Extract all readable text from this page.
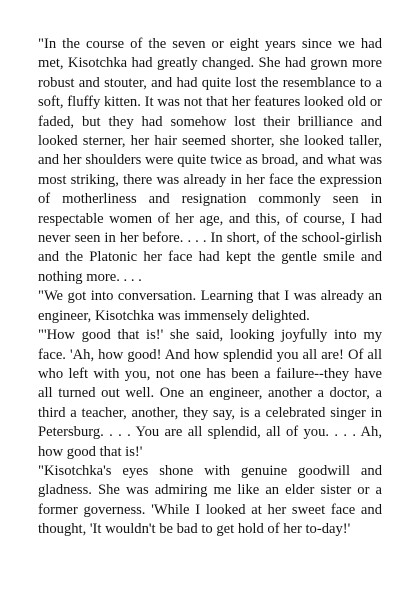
"In the course of the seven or eight years since we had met, Kisotchka had greatly changed. She had grown more robust and stouter, and had quite lost the resemblance to a soft, fluffy kitten. It was not that her features looked old or faded, but they had somehow lost their brilliance and looked sterner, her hair seemed shorter, she looked taller, and her shoulders were quite twice as broad, and what was most striking, there was already in her face the expression of motherliness and resignation commonly seen in respectable women of her age, and this, of course, I had never seen in her before. . . . In short, of the school-girlish and the Platonic her face had kept the gentle smile and nothing more. . . .

"We got into conversation. Learning that I was already an engineer, Kisotchka was immensely delighted.

"'How good that is!' she said, looking joyfully into my face. 'Ah, how good! And how splendid you all are! Of all who left with you, not one has been a failure--they have all turned out well. One an engineer, another a doctor, a third a teacher, another, they say, is a celebrated singer in Petersburg. . . . You are all splendid, all of you. . . . Ah, how good that is!'

"Kisotchka's eyes shone with genuine goodwill and gladness. She was admiring me like an elder sister or a former governess. 'While I looked at her sweet face and thought, 'It wouldn't be bad to get hold of her to-day!'
